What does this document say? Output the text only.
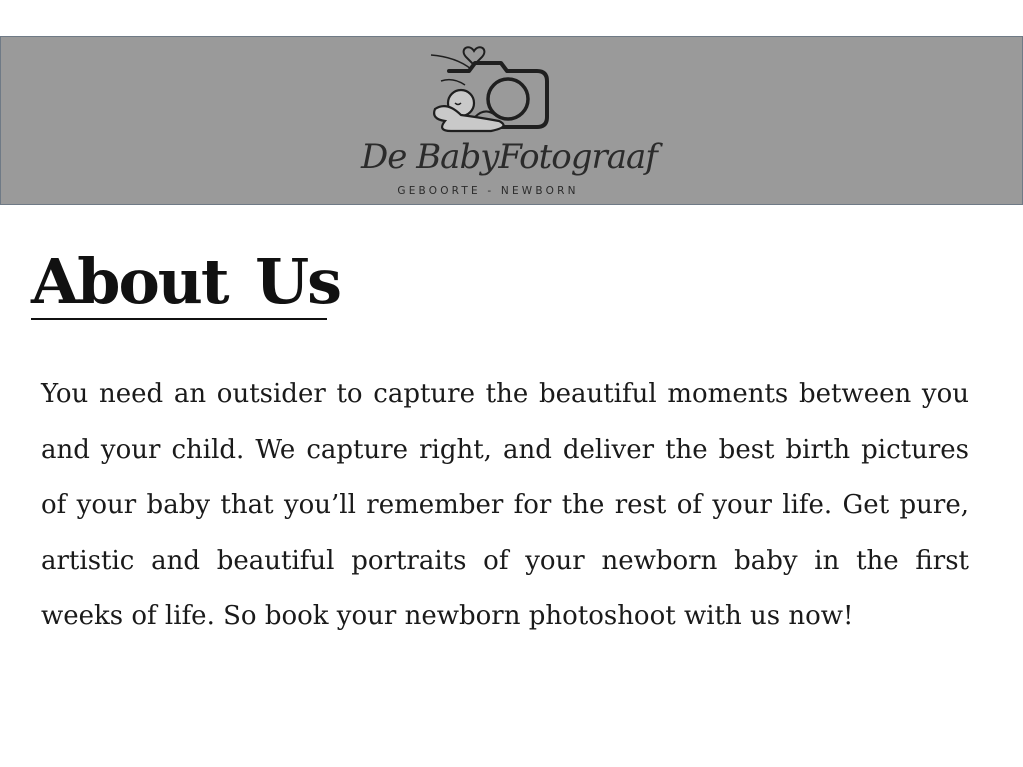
De BabyFotograaf
GEBOORTE - NEWBORN
About Us

You need an outsider to capture the beautiful moments between you and your child. We capture right, and deliver the best birth pictures of your baby that you’ll remember for the rest of your life. Get pure, artistic and beautiful portraits of your newborn baby in the first weeks of life. So book your newborn photoshoot with us now!
